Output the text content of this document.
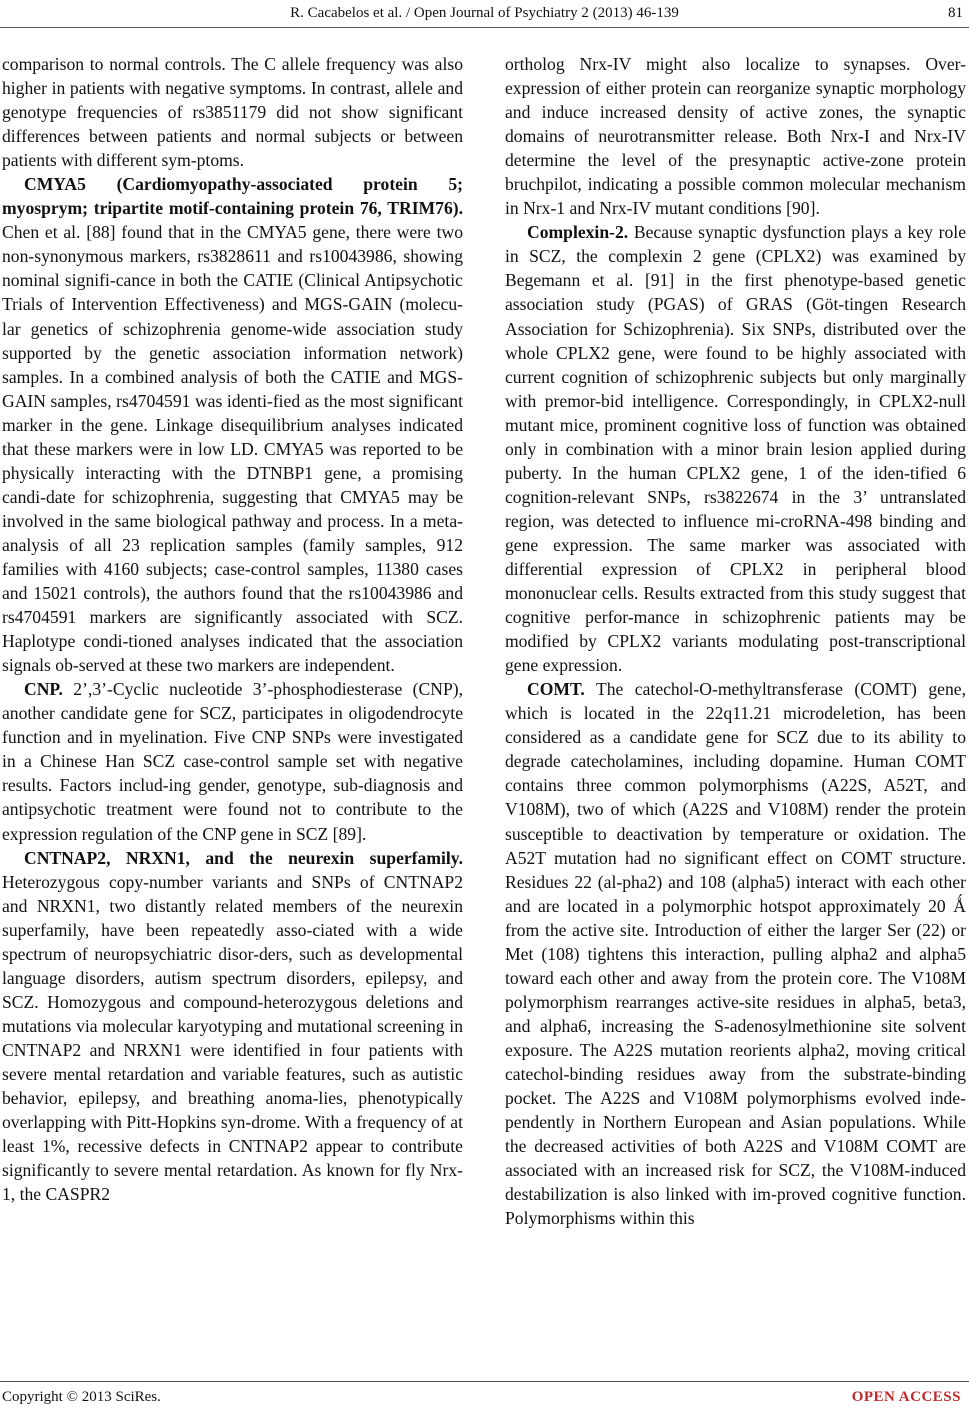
R. Cacabelos et al. / Open Journal of Psychiatry 2 (2013) 46-139	81

comparison to normal controls. The C allele frequency was also higher in patients with negative symptoms. In contrast, allele and genotype frequencies of rs3851179 did not show significant differences between patients and normal subjects or between patients with different sym-ptoms.

CMYA5 (Cardiomyopathy-associated protein 5; myosprym; tripartite motif-containing protein 76, TRIM76). Chen et al. [88] found that in the CMYA5 gene, there were two non-synonymous markers, rs3828611 and rs10043986, showing nominal signifi-cance in both the CATIE (Clinical Antipsychotic Trials of Intervention Effectiveness) and MGS-GAIN (molecu-lar genetics of schizophrenia genome-wide association study supported by the genetic association information network) samples. In a combined analysis of both the CATIE and MGS-GAIN samples, rs4704591 was identi-fied as the most significant marker in the gene. Linkage disequilibrium analyses indicated that these markers were in low LD. CMYA5 was reported to be physically interacting with the DTNBP1 gene, a promising candi-date for schizophrenia, suggesting that CMYA5 may be involved in the same biological pathway and process. In a meta-analysis of all 23 replication samples (family samples, 912 families with 4160 subjects; case-control samples, 11380 cases and 15021 controls), the authors found that the rs10043986 and rs4704591 markers are significantly associated with SCZ. Haplotype condi-tioned analyses indicated that the association signals ob-served at these two markers are independent.

CNP. 2’,3’-Cyclic nucleotide 3’-phosphodiesterase (CNP), another candidate gene for SCZ, participates in oligodendrocyte function and in myelination. Five CNP SNPs were investigated in a Chinese Han SCZ case-control sample set with negative results. Factors includ-ing gender, genotype, sub-diagnosis and antipsychotic treatment were found not to contribute to the expression regulation of the CNP gene in SCZ [89].

CNTNAP2, NRXN1, and the neurexin superfamily. Heterozygous copy-number variants and SNPs of CNTNAP2 and NRXN1, two distantly related members of the neurexin superfamily, have been repeatedly asso-ciated with a wide spectrum of neuropsychiatric disor-ders, such as developmental language disorders, autism spectrum disorders, epilepsy, and SCZ. Homozygous and compound-heterozygous deletions and mutations via molecular karyotyping and mutational screening in CNTNAP2 and NRXN1 were identified in four patients with severe mental retardation and variable features, such as autistic behavior, epilepsy, and breathing anoma-lies, phenotypically overlapping with Pitt-Hopkins syn-drome. With a frequency of at least 1%, recessive defects in CNTNAP2 appear to contribute significantly to severe mental retardation. As known for fly Nrx-1, the CASPR2

ortholog Nrx-IV might also localize to synapses. Over-expression of either protein can reorganize synaptic morphology and induce increased density of active zones, the synaptic domains of neurotransmitter release. Both Nrx-I and Nrx-IV determine the level of the presynaptic active-zone protein bruchpilot, indicating a possible common molecular mechanism in Nrx-1 and Nrx-IV mutant conditions [90].

Complexin-2. Because synaptic dysfunction plays a key role in SCZ, the complexin 2 gene (CPLX2) was examined by Begemann et al. [91] in the first phenotype-based genetic association study (PGAS) of GRAS (Göt-tingen Research Association for Schizophrenia). Six SNPs, distributed over the whole CPLX2 gene, were found to be highly associated with current cognition of schizophrenic subjects but only marginally with premor-bid intelligence. Correspondingly, in CPLX2-null mutant mice, prominent cognitive loss of function was obtained only in combination with a minor brain lesion applied during puberty. In the human CPLX2 gene, 1 of the iden-tified 6 cognition-relevant SNPs, rs3822674 in the 3’ untranslated region, was detected to influence mi-croRNA-498 binding and gene expression. The same marker was associated with differential expression of CPLX2 in peripheral blood mononuclear cells. Results extracted from this study suggest that cognitive perfor-mance in schizophrenic patients may be modified by CPLX2 variants modulating post-transcriptional gene expression.

COMT. The catechol-O-methyltransferase (COMT) gene, which is located in the 22q11.21 microdeletion, has been considered as a candidate gene for SCZ due to its ability to degrade catecholamines, including dopamine. Human COMT contains three common polymorphisms (A22S, A52T, and V108M), two of which (A22S and V108M) render the protein susceptible to deactivation by temperature or oxidation. The A52T mutation had no significant effect on COMT structure. Residues 22 (al-pha2) and 108 (alpha5) interact with each other and are located in a polymorphic hotspot approximately 20 Ǻ from the active site. Introduction of either the larger Ser (22) or Met (108) tightens this interaction, pulling alpha2 and alpha5 toward each other and away from the protein core. The V108M polymorphism rearranges active-site residues in alpha5, beta3, and alpha6, increasing the S-adenosylmethionine site solvent exposure. The A22S mutation reorients alpha2, moving critical catechol-binding residues away from the substrate-binding pocket. The A22S and V108M polymorphisms evolved inde-pendently in Northern European and Asian populations. While the decreased activities of both A22S and V108M COMT are associated with an increased risk for SCZ, the V108M-induced destabilization is also linked with im-proved cognitive function. Polymorphisms within this

Copyright © 2013 SciRes.	OPEN ACCESS
